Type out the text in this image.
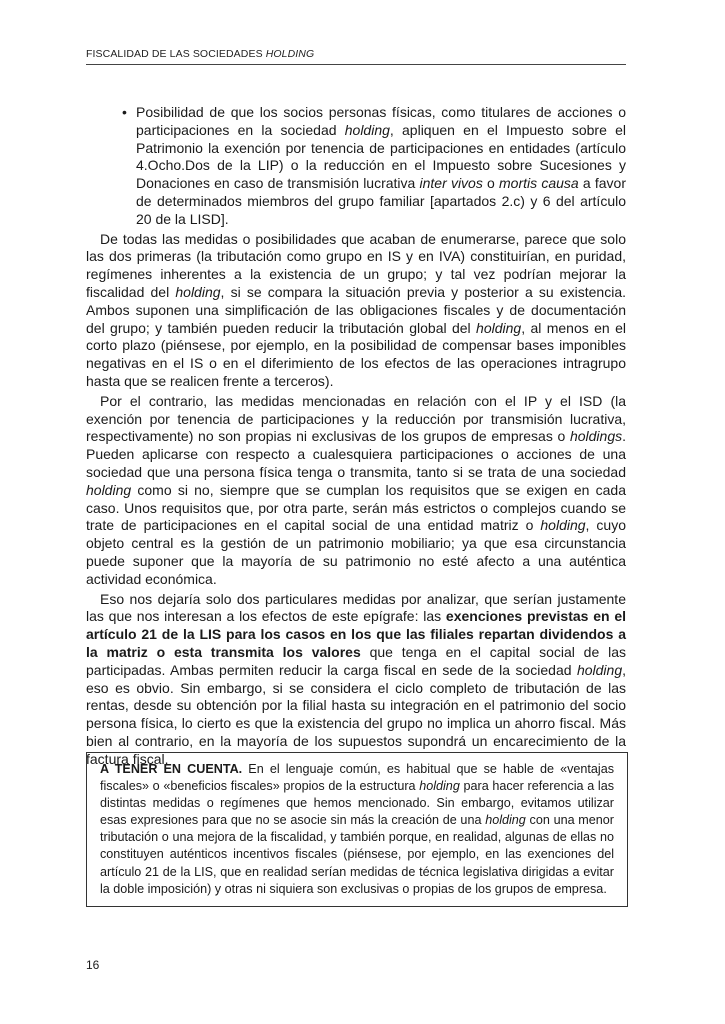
FISCALIDAD DE LAS SOCIEDADES HOLDING

• Posibilidad de que los socios personas físicas, como titulares de acciones o participaciones en la sociedad holding, apliquen en el Impuesto sobre el Patrimonio la exención por tenencia de participaciones en entidades (artículo 4.Ocho.Dos de la LIP) o la reducción en el Impuesto sobre Sucesiones y Donaciones en caso de transmisión lucrativa inter vivos o mortis causa a favor de determinados miembros del grupo familiar [apartados 2.c) y 6 del artículo 20 de la LISD].

De todas las medidas o posibilidades que acaban de enumerarse, parece que solo las dos primeras (la tributación como grupo en IS y en IVA) constituirían, en puridad, regímenes inherentes a la existencia de un grupo; y tal vez podrían mejorar la fiscalidad del holding, si se compara la situación previa y posterior a su existencia. Ambos suponen una simplificación de las obligaciones fiscales y de documentación del grupo; y también pueden reducir la tributación global del holding, al menos en el corto plazo (piénsese, por ejemplo, en la posibilidad de compensar bases imponibles negativas en el IS o en el diferimiento de los efectos de las operaciones intragrupo hasta que se realicen frente a terceros).

Por el contrario, las medidas mencionadas en relación con el IP y el ISD (la exención por tenencia de participaciones y la reducción por transmisión lucrativa, respectivamente) no son propias ni exclusivas de los grupos de empresas o holdings. Pueden aplicarse con respecto a cualesquiera participaciones o acciones de una sociedad que una persona física tenga o transmita, tanto si se trata de una sociedad holding como si no, siempre que se cumplan los requisitos que se exigen en cada caso. Unos requisitos que, por otra parte, serán más estrictos o complejos cuando se trate de participaciones en el capital social de una entidad matriz o holding, cuyo objeto central es la gestión de un patrimonio mobiliario; ya que esa circunstancia puede suponer que la mayoría de su patrimonio no esté afecto a una auténtica actividad económica.

Eso nos dejaría solo dos particulares medidas por analizar, que serían justamente las que nos interesan a los efectos de este epígrafe: las exenciones previstas en el artículo 21 de la LIS para los casos en los que las filiales repartan dividendos a la matriz o esta transmita los valores que tenga en el capital social de las participadas. Ambas permiten reducir la carga fiscal en sede de la sociedad holding, eso es obvio. Sin embargo, si se considera el ciclo completo de tributación de las rentas, desde su obtención por la filial hasta su integración en el patrimonio del socio persona física, lo cierto es que la existencia del grupo no implica un ahorro fiscal. Más bien al contrario, en la mayoría de los supuestos supondrá un encarecimiento de la factura fiscal.

A TENER EN CUENTA. En el lenguaje común, es habitual que se hable de «ventajas fiscales» o «beneficios fiscales» propios de la estructura holding para hacer referencia a las distintas medidas o regímenes que hemos mencionado. Sin embargo, evitamos utilizar esas expresiones para que no se asocie sin más la creación de una holding con una menor tributación o una mejora de la fiscalidad, y también porque, en realidad, algunas de ellas no constituyen auténticos incentivos fiscales (piénsese, por ejemplo, en las exenciones del artículo 21 de la LIS, que en realidad serían medidas de técnica legislativa dirigidas a evitar la doble imposición) y otras ni siquiera son exclusivas o propias de los grupos de empresa.
16
